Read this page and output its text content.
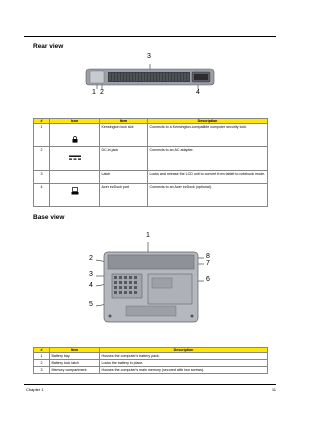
Rear view
3
1 2	4
#	Icon	Item	Description
1		Kensington lock slot	Connects to a Kensington-compatible computer security lock.
2		DC-in jack	Connects to an AC adapter.
3		Latch	Locks and release the LCD unit to convert from tablet to notebook mode.
4		Acer ezDock port	Connects to an Acer ezDock (optional).
Base view
1
2
3
4
5
6
7
8
#	Item	Description
1	Battery bay	Houses the computer's battery pack.
2	Battery lock latch	Locks the battery in place.
3	Memory compartment	Houses the computer's main memory (secured with two screws).
Chapter 1	11
